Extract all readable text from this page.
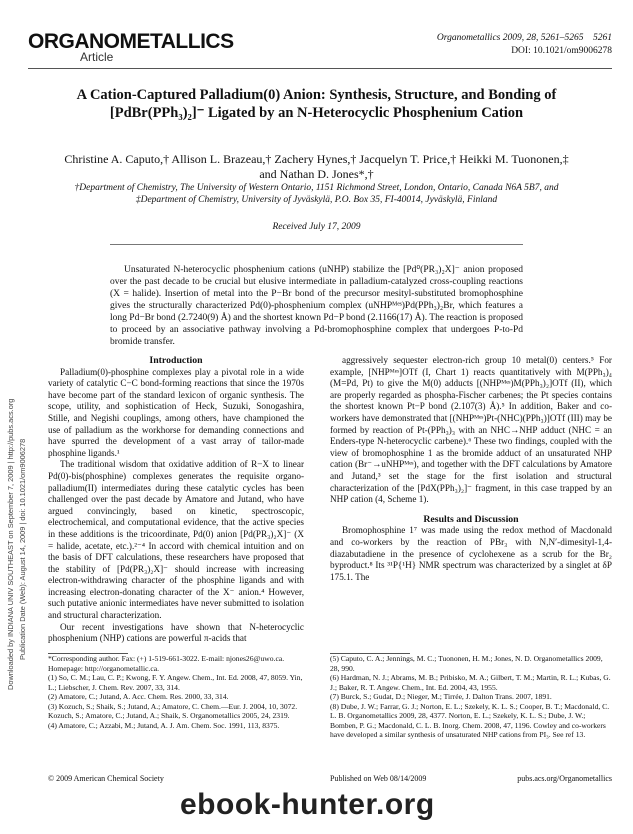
ORGANOMETALLICS
Article
Organometallics 2009, 28, 5261–5265 5261
DOI: 10.1021/om9006278
A Cation-Captured Palladium(0) Anion: Synthesis, Structure, and Bonding of [PdBr(PPh₃)₂]⁻ Ligated by an N-Heterocyclic Phosphenium Cation
Christine A. Caputo,† Allison L. Brazeau,† Zachery Hynes,† Jacquelyn T. Price,† Heikki M. Tuononen,‡ and Nathan D. Jones*,†
†Department of Chemistry, The University of Western Ontario, 1151 Richmond Street, London, Ontario, Canada N6A 5B7, and ‡Department of Chemistry, University of Jyväskylä, P.O. Box 35, FI-40014, Jyväskylä, Finland
Received July 17, 2009

Unsaturated N-heterocyclic phosphenium cations (uNHP) stabilize the [Pd⁰(PR₃)₂X]⁻ anion proposed over the past decade to be crucial but elusive intermediate in palladium-catalyzed cross-coupling reactions (X = halide). Insertion of metal into the P−Br bond of the precursor mesityl-substituted bromophosphine gives the structurally characterized Pd(0)-phosphenium complex (uNHPᴹᵉˢ)Pd(PPh₃)₂Br, which features a long Pd−Br bond (2.7240(9) Å) and the shortest known Pd−P bond (2.1166(17) Å). The reaction is proposed to proceed by an associative pathway involving a Pd-bromophosphine complex that undergoes P-to-Pd bromide transfer.

Introduction

Palladium(0)-phosphine complexes play a pivotal role in a wide variety of catalytic C−C bond-forming reactions that since the 1970s have become part of the standard lexicon of organic synthesis. The scope, utility, and sophistication of Heck, Suzuki, Sonogashira, Stille, and Negishi couplings, among others, have championed the use of palladium as the workhorse for demanding connections and have spurred the development of a vast array of tailor-made phosphine ligands.¹

The traditional wisdom that oxidative addition of R−X to linear Pd(0)-bis(phosphine) complexes generates the requisite organo-palladium(II) intermediates during these catalytic cycles has been challenged over the past decade by Amatore and Jutand, who have argued convincingly, based on kinetic, spectroscopic, electrochemical, and computational evidence, that the active species in these additions is the tricoordinate, Pd(0) anion [Pd(PR₃)₂X]⁻ (X = halide, acetate, etc.).²⁻⁴ In accord with chemical intuition and on the basis of DFT calculations, these researchers have proposed that the stability of [Pd(PR₃)₂X]⁻ should increase with increasing electron-withdrawing character of the phosphine ligands and with increasing electron-donating character of the X⁻ anion.⁴ However, such putative anionic intermediates have never submitted to isolation and structural characterization.

Our recent investigations have shown that N-heterocyclic phosphenium (NHP) cations are powerful π-acids that

aggressively sequester electron-rich group 10 metal(0) centers.⁵ For example, [NHPᴹᵉˢ]OTf (I, Chart 1) reacts quantitatively with M(PPh₃)₄ (M=Pd, Pt) to give the M(0) adducts [(NHPᴹᵉˢ)M(PPh₃)₂]OTf (II), which are properly regarded as phospha-Fischer carbenes; the Pt species contains the shortest known Pt−P bond (2.107(3) Å).⁵ In addition, Baker and co-workers have demonstrated that [(NHPᴹᵉˢ)Pt-(NHC)(PPh₃)]OTf (III) may be formed by reaction of Pt-(PPh₃)₃ with an NHC→NHP adduct (NHC = an Enders-type N-heterocyclic carbene).⁶ These two findings, coupled with the view of bromophosphine 1 as the bromide adduct of an unsaturated NHP cation (Br⁻→uNHPᴹᵉˢ), and together with the DFT calculations by Amatore and Jutand,³ set the stage for the first isolation and structural characterization of the [PdX(PPh₃)₂]⁻ fragment, in this case trapped by an NHP cation (4, Scheme 1).

Results and Discussion

Bromophosphine 1⁷ was made using the redox method of Macdonald and co-workers by the reaction of PBr₃ with N,N′-dimesityl-1,4-diazabutadiene in the presence of cyclohexene as a scrub for the Br₂ byproduct.⁸ Its ³¹P{¹H} NMR spectrum was characterized by a singlet at δP 175.1. The

*Corresponding author. Fax: (+) 1-519-661-3022. E-mail: njones26@uwo.ca. Homepage: http://organometallic.ca.
(1) So, C. M.; Lau, C. P.; Kwong, F. Y. Angew. Chem., Int. Ed. 2008, 47, 8059. Yin, L.; Liebscher, J. Chem. Rev. 2007, 33, 314.
(2) Amatore, C.; Jutand, A. Acc. Chem. Res. 2000, 33, 314.
(3) Kozuch, S.; Shaik, S.; Jutand, A.; Amatore, C. Chem.—Eur. J. 2004, 10, 3072. Kozuch, S.; Amatore, C.; Jutand, A.; Shaik, S. Organometallics 2005, 24, 2319.
(4) Amatore, C.; Azzabi, M.; Jutand, A. J. Am. Chem. Soc. 1991, 113, 8375.
(5) Caputo, C. A.; Jennings, M. C.; Tuononen, H. M.; Jones, N. D. Organometallics 2009, 28, 990.
(6) Hardman, N. J.; Abrams, M. B.; Pribisko, M. A.; Gilbert, T. M.; Martin, R. L.; Kubas, G. J.; Baker, R. T. Angew. Chem., Int. Ed. 2004, 43, 1955.
(7) Burck, S.; Gudat, D.; Nieger, M.; Tirrée, J. Dalton Trans. 2007, 1891.
(8) Dube, J. W.; Farrar, G. J.; Norton, E. L.; Szekely, K. L. S.; Cooper, B. T.; Macdonald, C. L. B. Organometallics 2009, 28, 4377. Norton, E. L.; Szekely, K. L. S.; Dube, J. W.; Bomben, P. G.; Macdonald, C. L. B. Inorg. Chem. 2008, 47, 1196. Cowley and co-workers have developed a similar synthesis of unsaturated NHP cations from PI₃. See ref 13.
© 2009 American Chemical Society	Published on Web 08/14/2009	pubs.acs.org/Organometallics
Downloaded by INDIANA UNIV SOUTHEAST on September 7, 2009 | http://pubs.acs.org Publication Date (Web): August 14, 2009 | doi: 10.1021/om9006278
ebook-hunter.org
